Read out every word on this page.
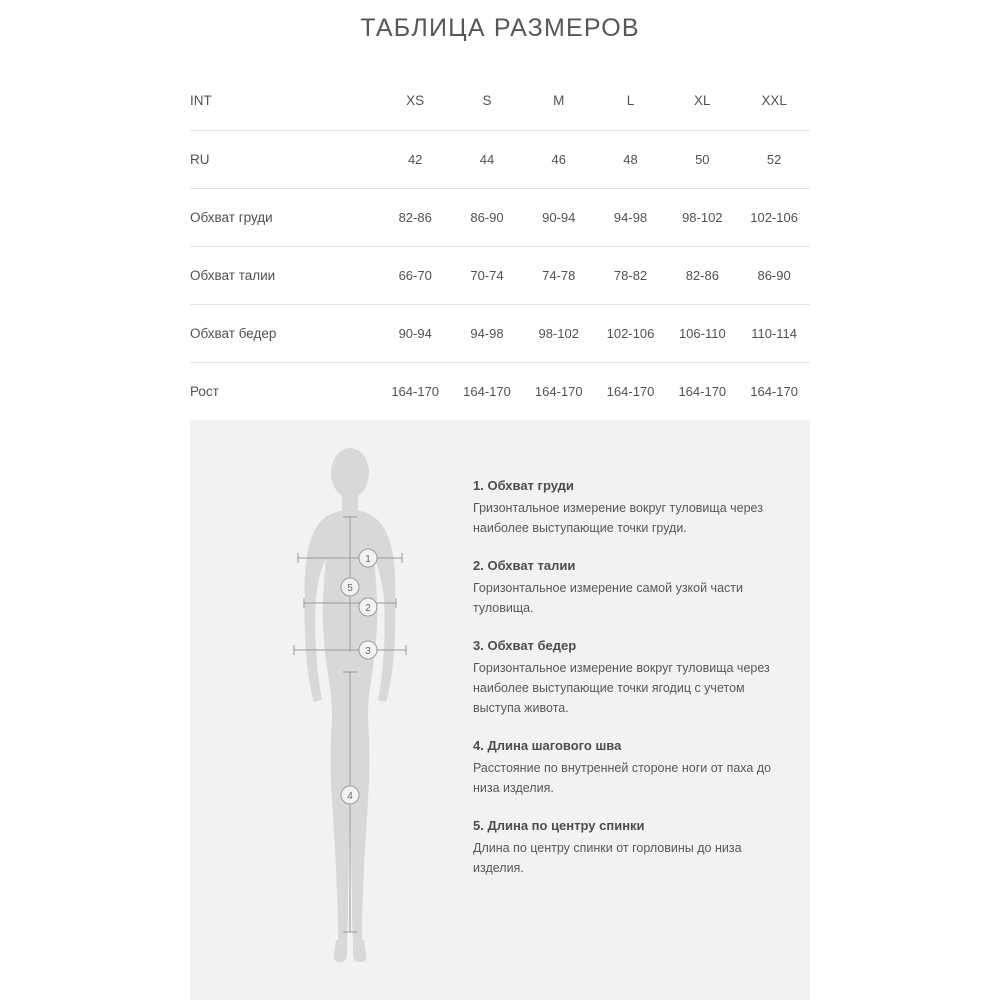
ТАБЛИЦА РАЗМЕРОВ
INT	XS	S	M	L	XL	XXL
RU	42	44	46	48	50	52
Обхват груди	82-86	86-90	90-94	94-98	98-102	102-106
Обхват талии	66-70	70-74	74-78	78-82	82-86	86-90
Обхват бедер	90-94	94-98	98-102	102-106	106-110	110-114
Рост	164-170	164-170	164-170	164-170	164-170	164-170
1
5
2
3
4
1. Обхват груди
Гризонтальное измерение вокруг туловища через наиболее выступающие точки груди.
2. Обхват талии
Горизонтальное измерение самой узкой части туловища.
3. Обхват бедер
Горизонтальное измерение вокруг туловища через наиболее выступающие точки ягодиц с учетом выступа живота.
4. Длина шагового шва
Расстояние по внутренней стороне ноги от паха до низа изделия.
5. Длина по центру спинки
Длина по центру спинки от горловины до низа изделия.
